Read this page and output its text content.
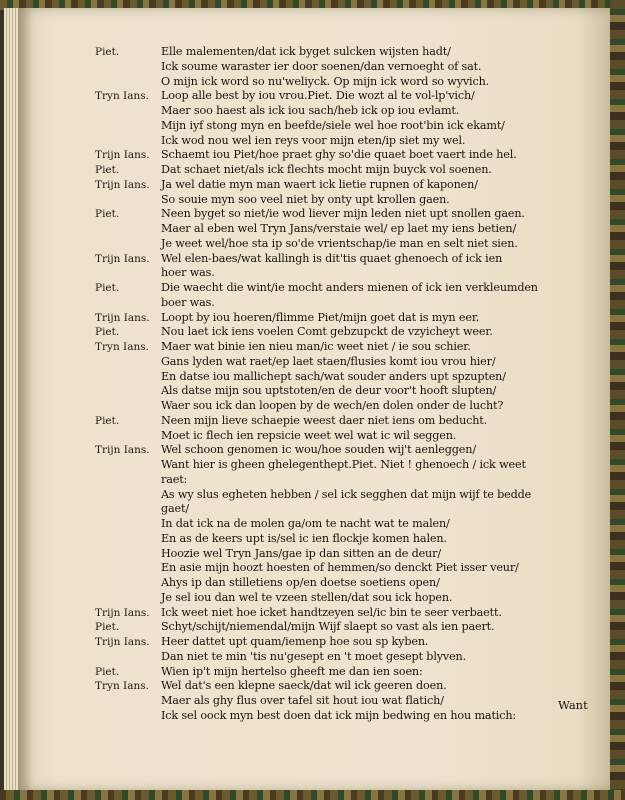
Piet.	Elle malementen/dat ick byget sulcken wijsten hadt/
Ick soume waraster ier door soenen/dan vernoeght of sat.
O mijn ick word so nu'weliyck. Op mijn ick word so wyvich.
Tryn Ians. Loop alle best by iou vrou.Piet. Die wozt al te vol-lp'vich/
Maer soo haest als ick iou sach/heb ick op iou evlamt.
Mijn iyf stong myn en beefde/siele wel hoe root'bin ick ekamt/
Ick wod nou wel ien reys voor mijn eten/ip siet my wel.
Trijn Ians. Schaemt iou Piet/hoe praet ghy so'die quaet boet vaert inde hel.
Piet.	Dat schaet niet/als ick flechts mocht mijn buyck vol soenen.
Trijn Ians. Ja wel datie myn man waert ick lietie rupnen of kaponen/
So souie myn soo veel niet by onty upt krollen gaen.
Piet.	Neen byget so niet/ie wod liever mijn leden niet upt snollen gaen.
Maer al eben wel Tryn Jans/verstaie wel/ ep laet my iens betien/
Je weet wel/hoe sta ip so'de vrientschap/ie man en selt niet sien.
Trijn Ians. Wel elen-baes/wat kallingh is dit'tis quaet ghenoech of ick ien
hoer was.
Piet.	Die waecht die wint/ie mocht anders mienen of ick ien verkleumden
boer was.
Trijn Ians. Loopt by iou hoeren/flimme Piet/mijn goet dat is myn eer.
Piet.	Nou laet ick iens voelen Comt gebzupckt de vzyicheyt weer.
Tryn Ians. Maer wat binie ien nieu man/ic weet niet / ie sou schier.
Gans lyden wat raet/ep laet staen/flusies komt iou vrou hier/
En datse iou mallichept sach/wat souder anders upt spzupten/
Als datse mijn sou uptstoten/en de deur voor't hooft slupten/
Waer sou ick dan loopen by de wech/en dolen onder de lucht?
Piet.	Neen mijn lieve schaepie weest daer niet iens om beducht.
Moet ic flech ien repsicie weet wel wat ic wil seggen.
Trijn Ians. Wel schoon genomen ic wou/hoe souden wij't aenleggen/
Want hier is gheen ghelegenthept.Piet. Niet ! ghenoech / ick weet
raet:
As wy slus egheten hebben / sel ick segghen dat mijn wijf te bedde
gaet/
In dat ick na de molen ga/om te nacht wat te malen/
En as de keers upt is/sel ic ien flockje komen halen.
Hoozie wel Tryn Jans/gae ip dan sitten an de deur/
En asie mijn hoozt hoesten of hemmen/so denckt Piet isser veur/
Ahys ip dan stilletiens op/en doetse soetiens open/
Je sel iou dan wel te vzeen stellen/dat sou ick hopen.
Trijn Ians. Ick weet niet hoe icket handtzeyen sel/ic bin te seer verbaett.
Piet.	Schyt/schijt/niemendal/mijn Wijf slaept so vast als ien paert.
Trijn Ians. Heer dattet upt quam/iemenp hoe sou sp kyben.
Dan niet te min 'tis nu'gesept en 't moet gesept blyven.
Piet.	Wien ip't mijn hertelso gheeft me dan ien soen:
Tryn Ians. Wel dat's een klepne saeck/dat wil ick geeren doen.
Maer als ghy flus over tafel sit hout iou wat flatich/
Ick sel oock myn best doen dat ick mijn bedwing en hou matich:
Want
